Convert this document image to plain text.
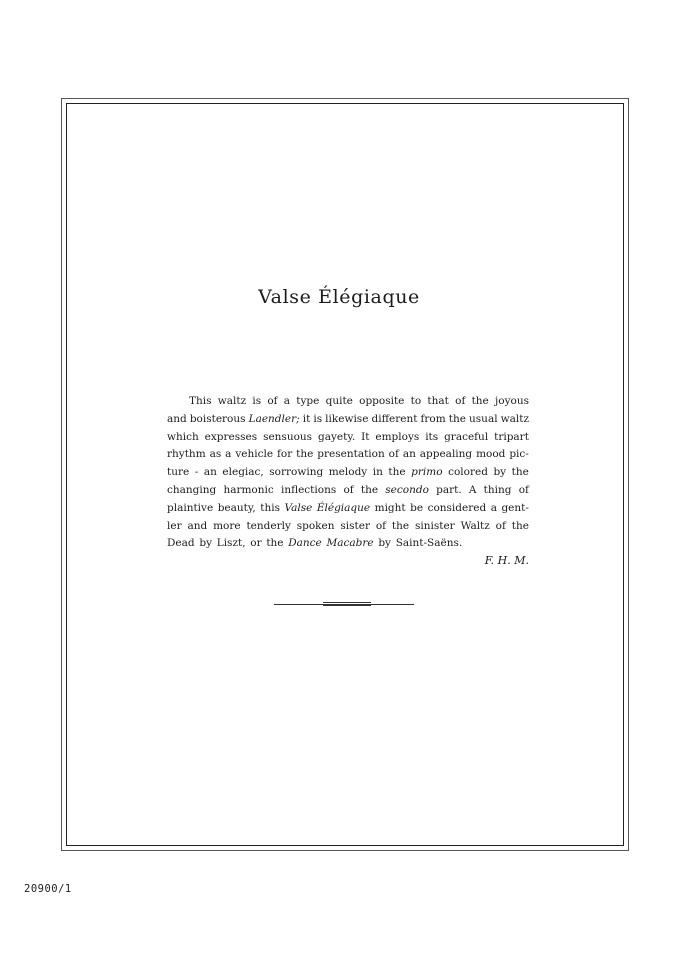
Valse Élégiaque
This waltz is of a type quite opposite to that of the joyous
and boisterous Laendler; it is likewise different from the usual waltz
which expresses sensuous gayety. It employs its graceful tripart
rhythm as a vehicle for the presentation of an appealing mood pic-
ture - an elegiac, sorrowing melody in the primo colored by the
changing harmonic inflections of the secondo part. A thing of
plaintive beauty, this Valse Élégiaque might be considered a gent-
ler and more tenderly spoken sister of the sinister Waltz of the
Dead by Liszt, or the Dance Macabre by Saint-Saëns.
F. H. M.
20900/1
